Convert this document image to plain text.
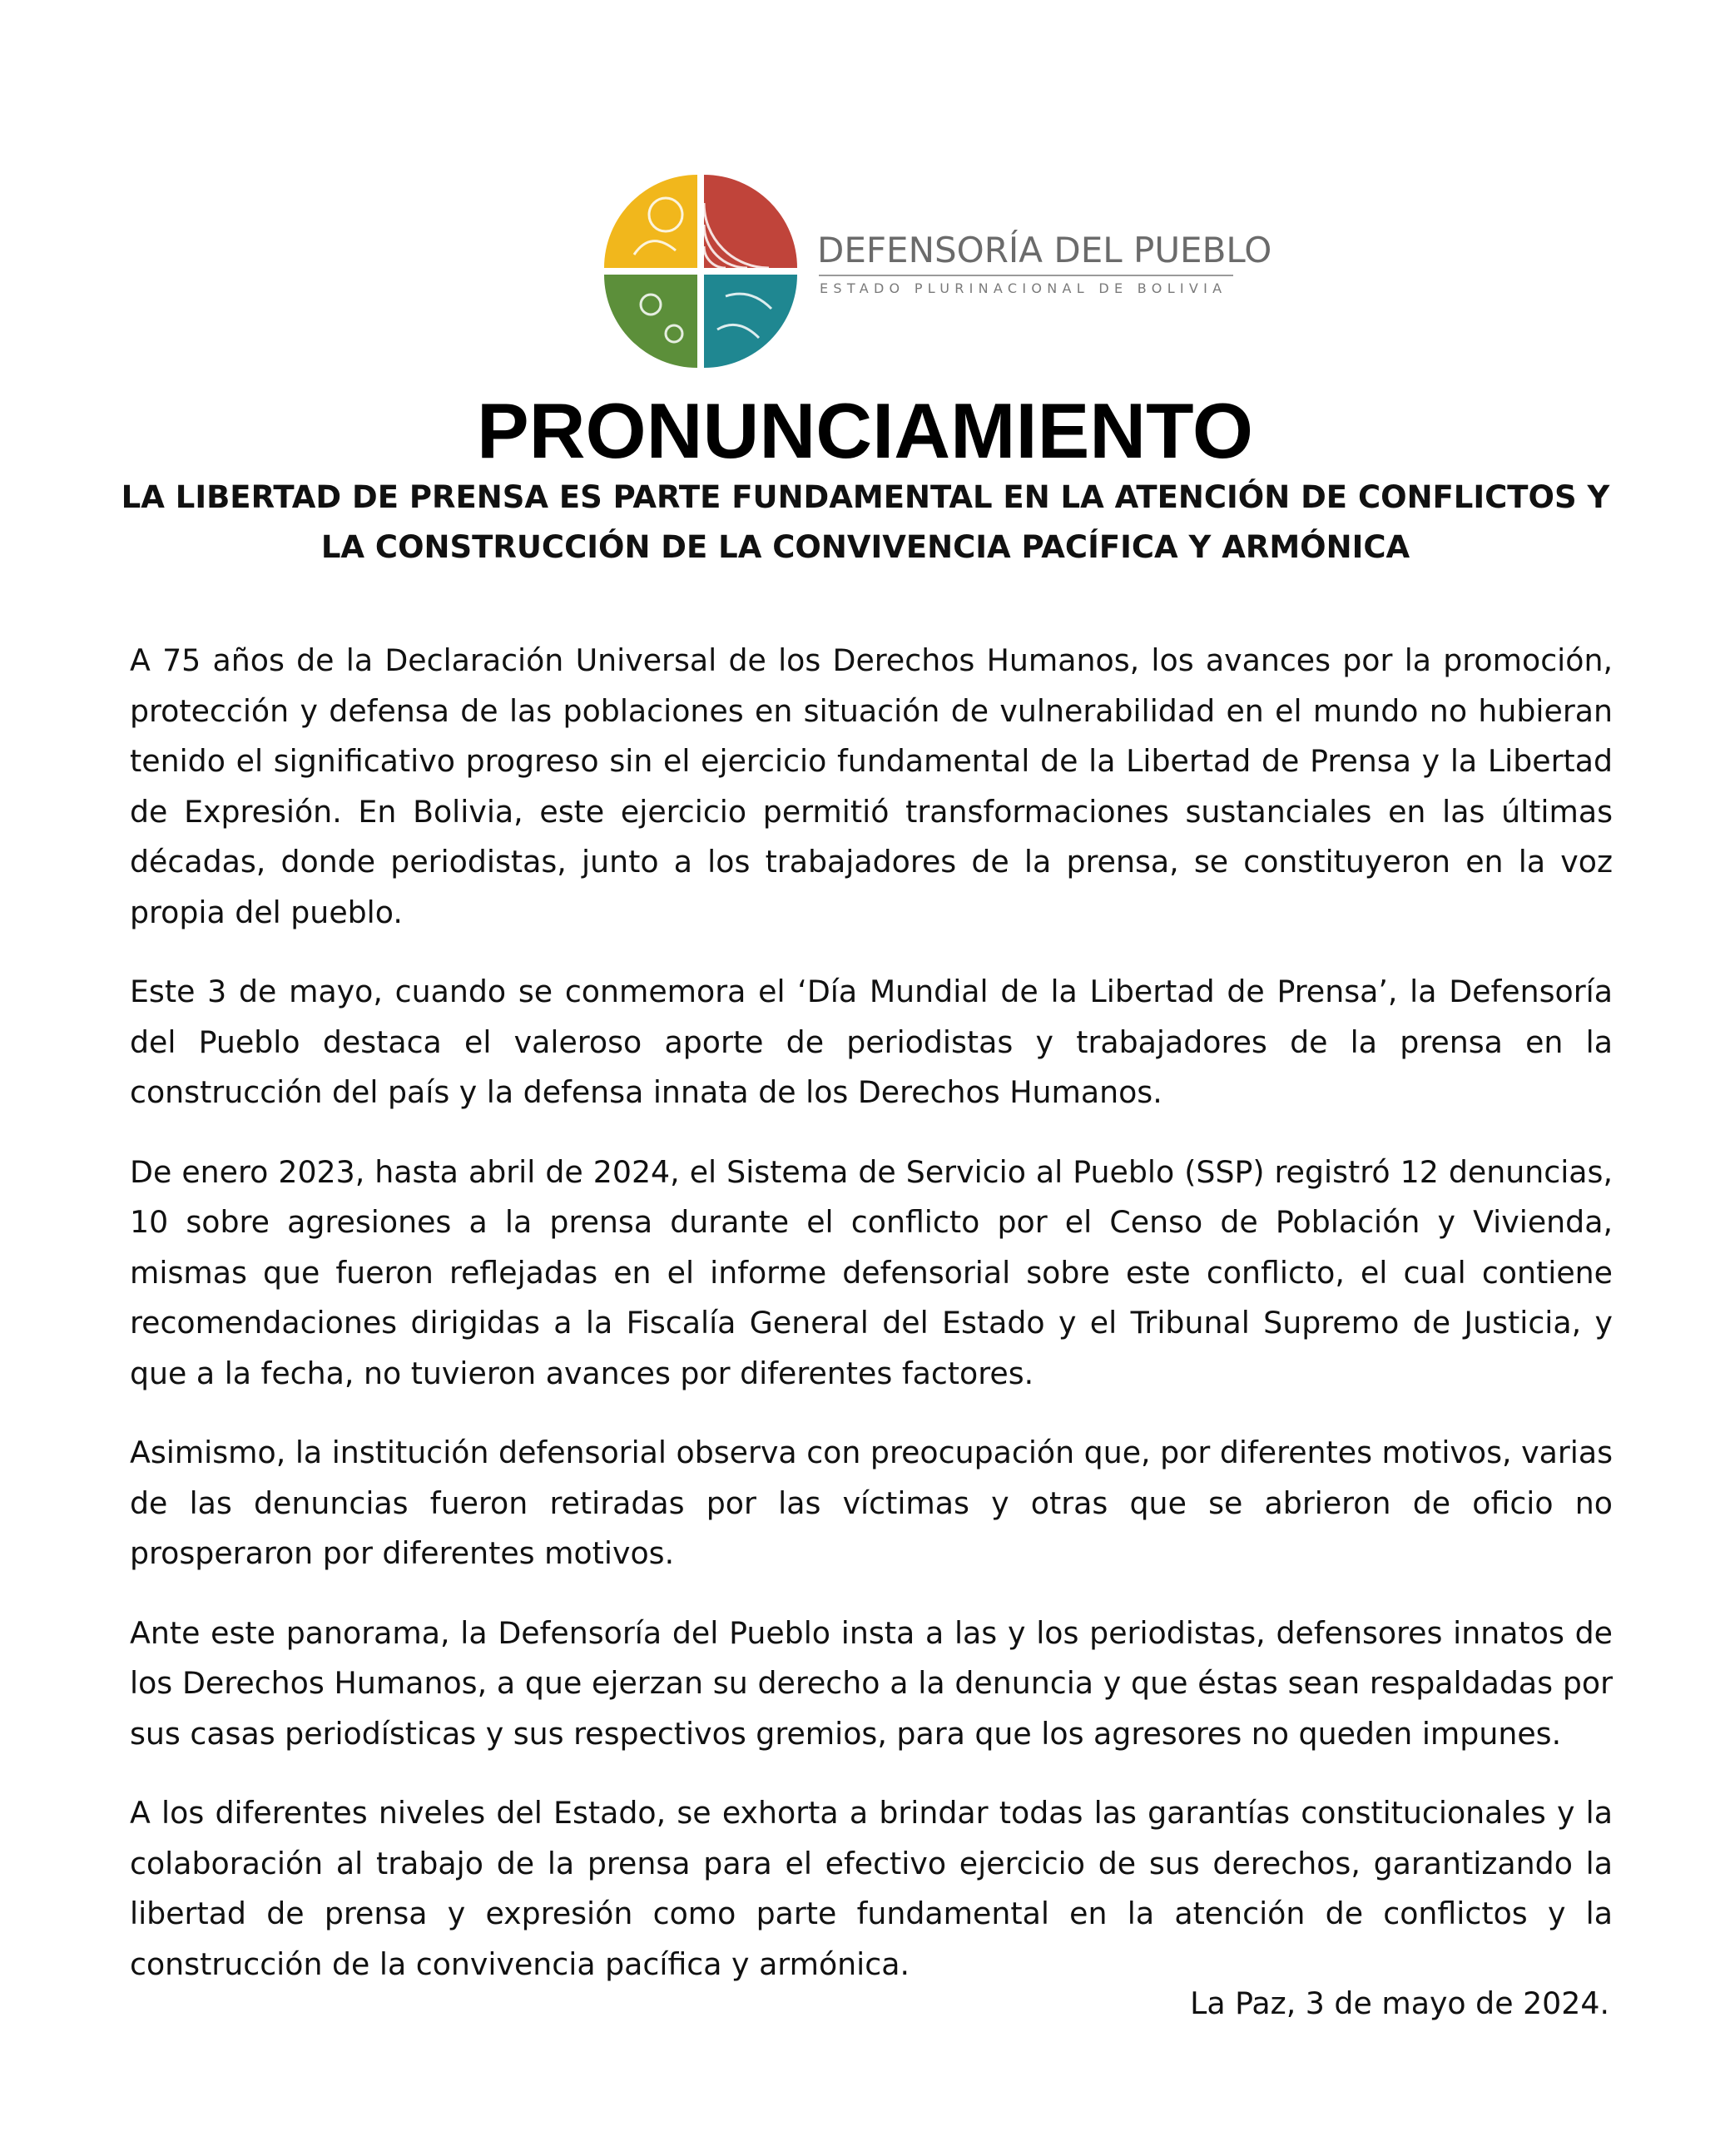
DEFENSORÍA DEL PUEBLO
ESTADO PLURINACIONAL DE BOLIVIA
PRONUNCIAMIENTO
LA LIBERTAD DE PRENSA ES PARTE FUNDAMENTAL EN LA ATENCIÓN DE CONFLICTOS Y
LA CONSTRUCCIÓN DE LA CONVIVENCIA PACÍFICA Y ARMÓNICA

A 75 años de la Declaración Universal de los Derechos Humanos, los avances por la promoción, protección y defensa de las poblaciones en situación de vulnerabilidad en el mundo no hubieran tenido el significativo progreso sin el ejercicio fundamental de la Libertad de Prensa y la Libertad de Expresión. En Bolivia, este ejercicio permitió transformaciones sustanciales en las últimas décadas, donde periodistas, junto a los trabajadores de la prensa, se constituyeron en la voz propia del pueblo.

Este 3 de mayo, cuando se conmemora el ‘Día Mundial de la Libertad de Prensa’, la Defensoría del Pueblo destaca el valeroso aporte de periodistas y trabajadores de la prensa en la construcción del país y la defensa innata de los Derechos Humanos.

De enero 2023, hasta abril de 2024, el Sistema de Servicio al Pueblo (SSP) registró 12 denuncias, 10 sobre agresiones a la prensa durante el conflicto por el Censo de Población y Vivienda, mismas que fueron reflejadas en el informe defensorial sobre este conflicto, el cual contiene recomendaciones dirigidas a la Fiscalía General del Estado y el Tribunal Supremo de Justicia, y que a la fecha, no tuvieron avances por diferentes factores.

Asimismo, la institución defensorial observa con preocupación que, por diferentes motivos, varias de las denuncias fueron retiradas por las víctimas y otras que se abrieron de oficio no prosperaron por diferentes motivos.

Ante este panorama, la Defensoría del Pueblo insta a las y los periodistas, defensores innatos de los Derechos Humanos, a que ejerzan su derecho a la denuncia y que éstas sean respaldadas por sus casas periodísticas y sus respectivos gremios, para que los agresores no queden impunes.

A los diferentes niveles del Estado, se exhorta a brindar todas las garantías constitucionales y la colaboración al trabajo de la prensa para el efectivo ejercicio de sus derechos, garantizando la libertad de prensa y expresión como parte fundamental en la atención de conflictos y la construcción de la convivencia pacífica y armónica.

La Paz, 3 de mayo de 2024.
